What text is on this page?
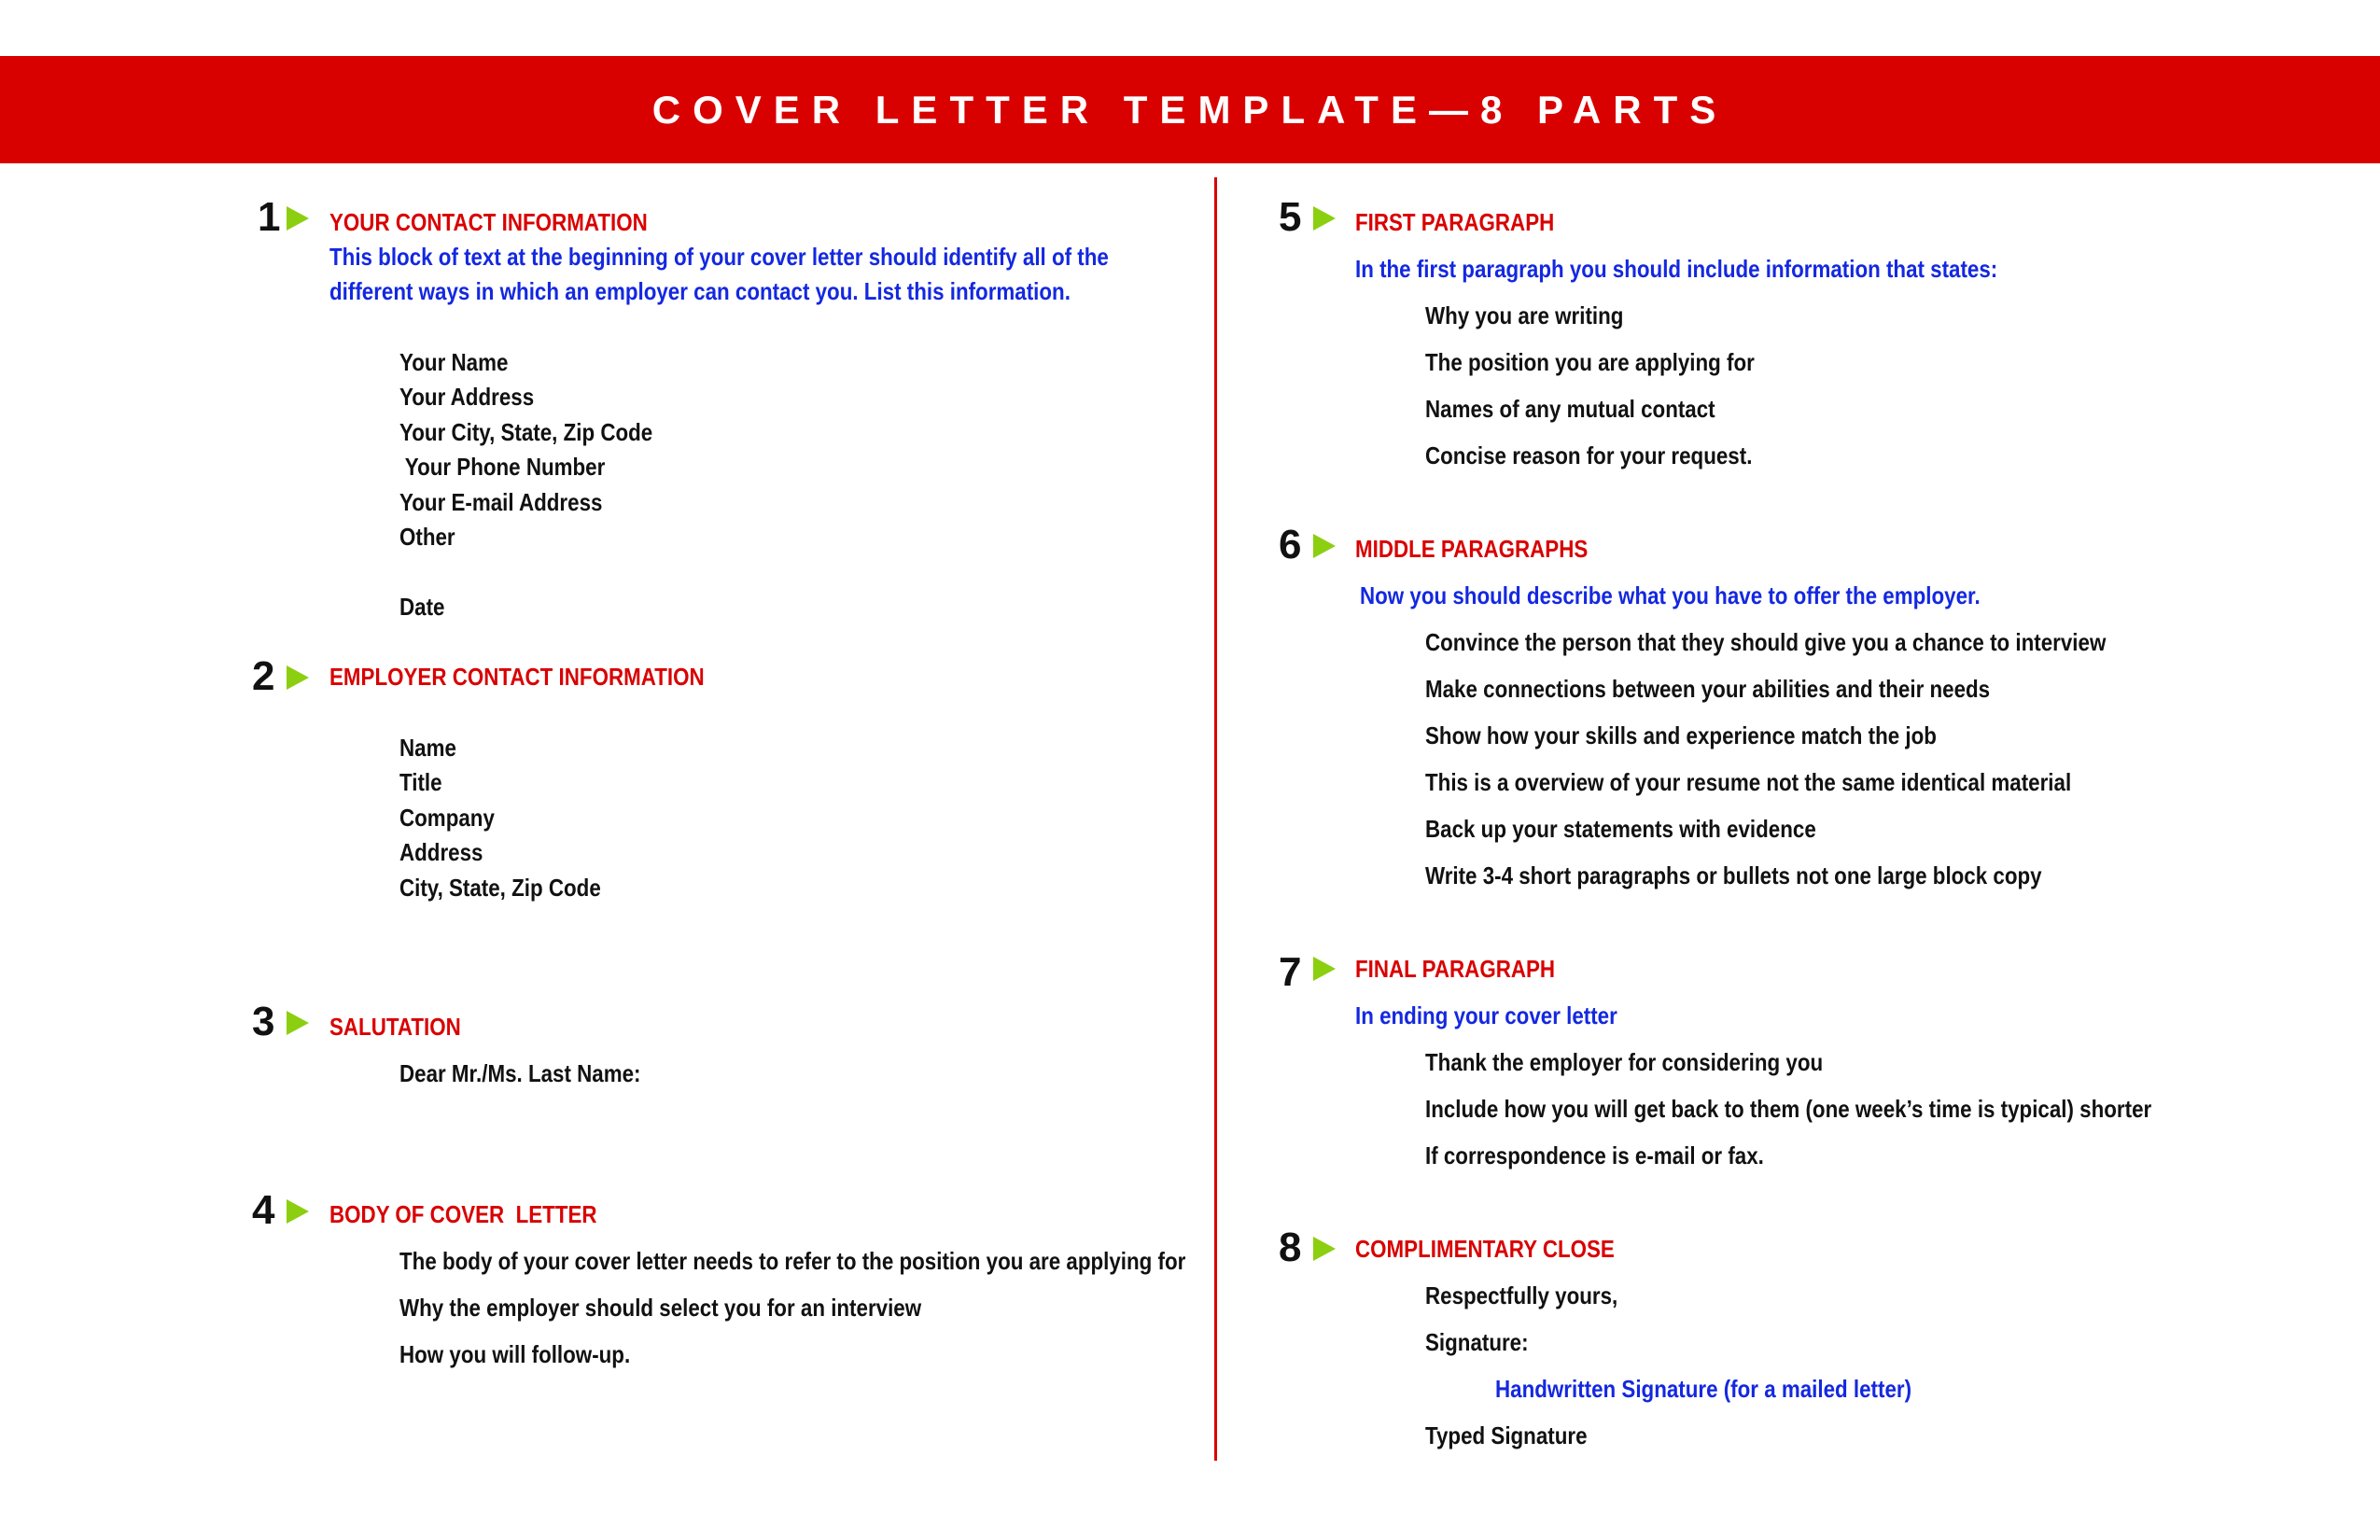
COVER LETTER TEMPLATE—8 PARTS
1 YOUR CONTACT INFORMATION
This block of text at the beginning of your cover letter should identify all of the
different ways in which an employer can contact you. List this information.
Your Name
Your Address
Your City, State, Zip Code
Your Phone Number
Your E-mail Address
Other
Date
2 EMPLOYER CONTACT INFORMATION
Name
Title
Company
Address
City, State, Zip Code
3 SALUTATION
Dear Mr./Ms. Last Name:
4 BODY OF COVER  LETTER
The body of your cover letter needs to refer to the position you are applying for
Why the employer should select you for an interview
How you will follow-up.
5 FIRST PARAGRAPH
In the first paragraph you should include information that states:
Why you are writing
The position you are applying for
Names of any mutual contact
Concise reason for your request.
6 MIDDLE PARAGRAPHS
Now you should describe what you have to offer the employer.
Convince the person that they should give you a chance to interview
Make connections between your abilities and their needs
Show how your skills and experience match the job
This is a overview of your resume not the same identical material
Back up your statements with evidence
Write 3-4 short paragraphs or bullets not one large block copy
7 FINAL PARAGRAPH
In ending your cover letter
Thank the employer for considering you
Include how you will get back to them (one week’s time is typical) shorter
If correspondence is e-mail or fax.
8 COMPLIMENTARY CLOSE
Respectfully yours,
Signature:
Handwritten Signature (for a mailed letter)
Typed Signature
